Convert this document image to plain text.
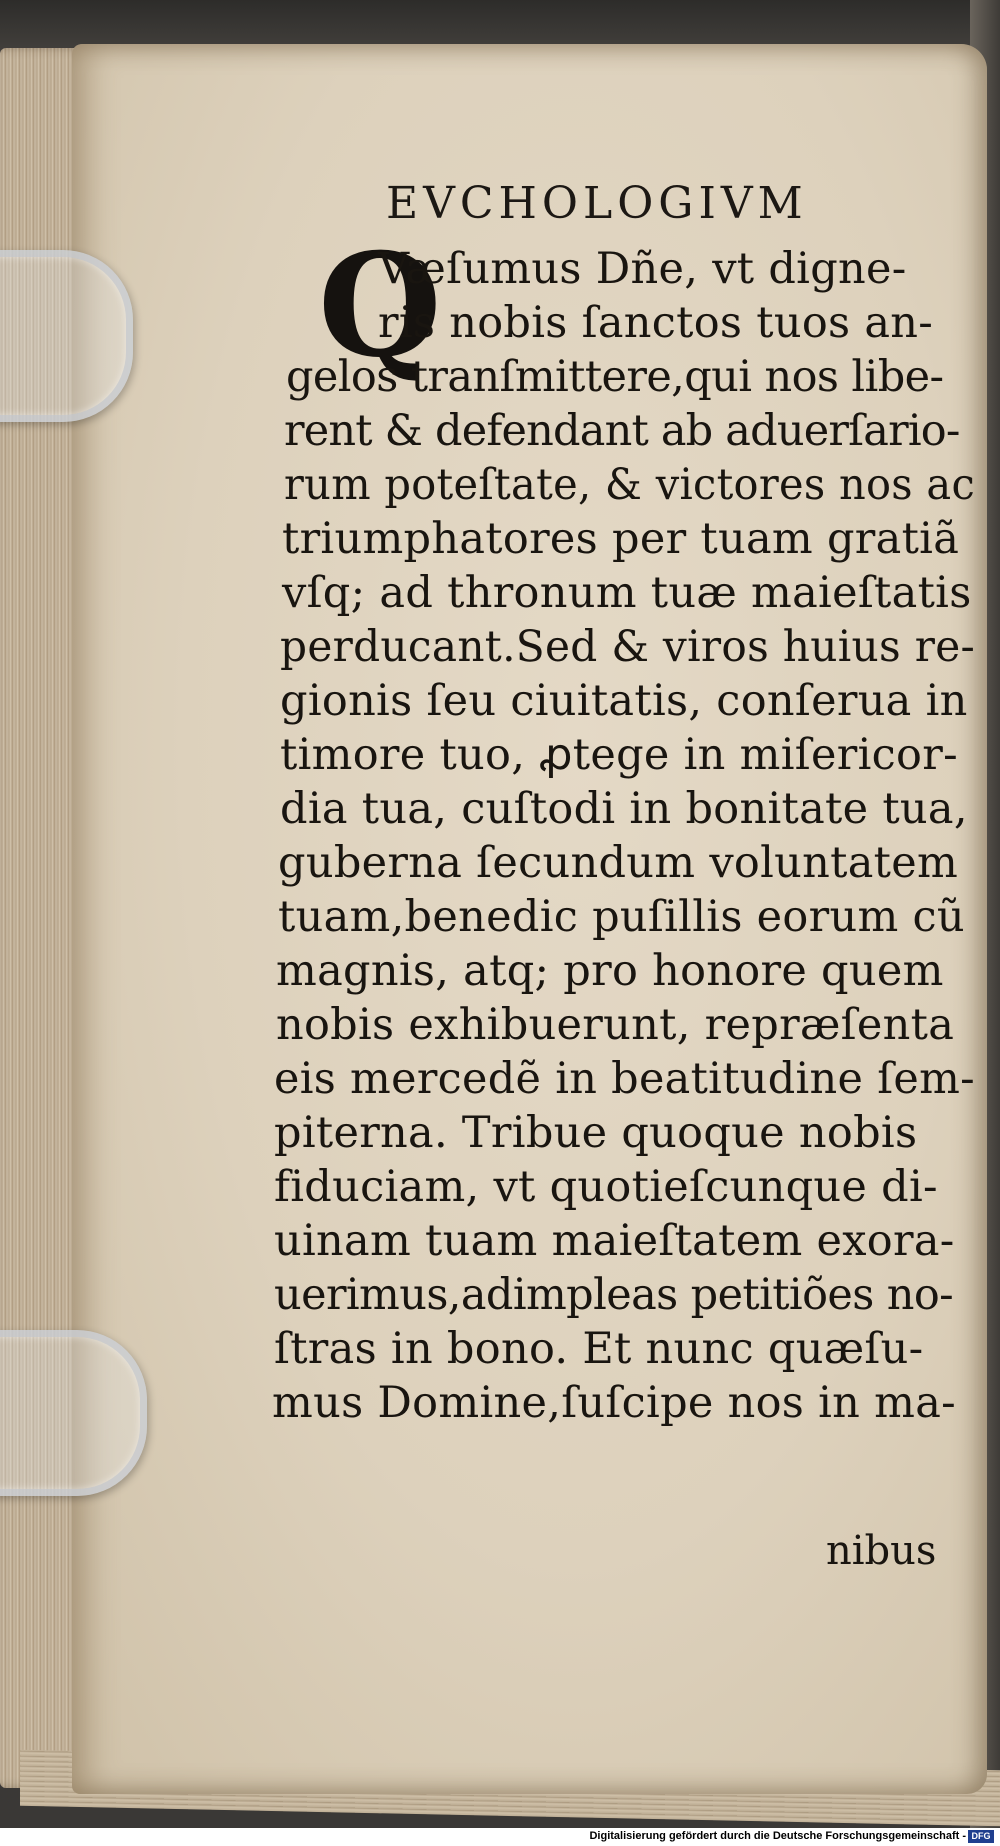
EVCHOLOGIVM
Q
Væſumus Dñe, vt digne-
ris nobis ſanctos tuos an-
gelos tranſmittere,qui nos libe-
rent & defendant ab aduerſario-
rum poteſtate, & victores nos ac
triumphatores per tuam gratiã
vſq; ad thronum tuæ maieſtatis
perducant.Sed & viros huius re-
gionis ſeu ciuitatis, conſerua in
timore tuo, ꝓtege in miſericor-
dia tua, cuſtodi in bonitate tua,
guberna ſecundum voluntatem
tuam,benedic puſillis eorum cũ
magnis, atq; pro honore quem
nobis exhibuerunt, repræſenta
eis mercedẽ in beatitudine ſem-
piterna. Tribue quoque nobis
fiduciam, vt quotieſcunque di-
uinam tuam maieſtatem exora-
uerimus,adimpleas petitiões no-
ſtras in bono. Et nunc quæſu-
mus Domine,ſuſcipe nos in ma-
nibus
Digitalisierung gefördert durch die Deutsche Forschungsgemeinschaft - DFG
